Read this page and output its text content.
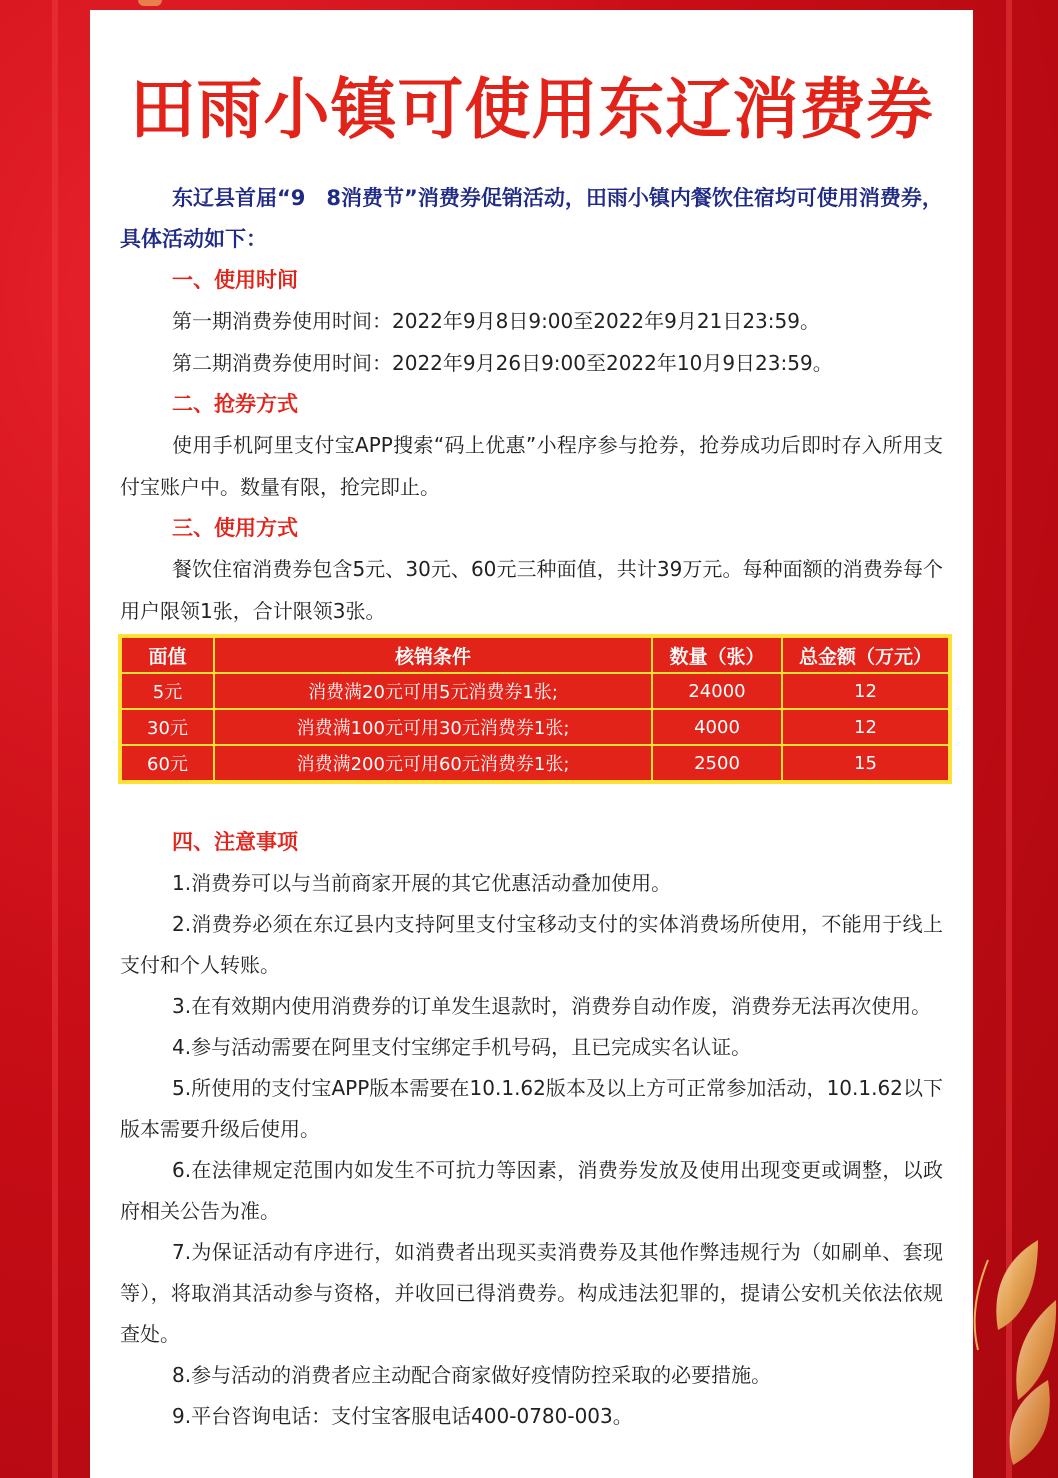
田雨小镇可使用东辽消费券

东辽县首届“9　8消费节”消费券促销活动，田雨小镇内餐饮住宿均可使用消费券，具体活动如下：

一、使用时间

第一期消费券使用时间：2022年9月8日9:00至2022年9月21日23:59。

第二期消费券使用时间：2022年9月26日9:00至2022年10月9日23:59。

二、抢券方式

使用手机阿里支付宝APP搜索“码上优惠”小程序参与抢券，抢券成功后即时存入所用支付宝账户中。数量有限，抢完即止。

三、使用方式

餐饮住宿消费券包含5元、30元、60元三种面值，共计39万元。每种面额的消费券每个用户限领1张，合计限领3张。

四、注意事项

1.消费券可以与当前商家开展的其它优惠活动叠加使用。

2.消费券必须在东辽县内支持阿里支付宝移动支付的实体消费场所使用，不能用于线上支付和个人转账。

3.在有效期内使用消费券的订单发生退款时，消费券自动作废，消费券无法再次使用。

4.参与活动需要在阿里支付宝绑定手机号码，且已完成实名认证。

5.所使用的支付宝APP版本需要在10.1.62版本及以上方可正常参加活动，10.1.62以下版本需要升级后使用。

6.在法律规定范围内如发生不可抗力等因素，消费券发放及使用出现变更或调整，以政府相关公告为准。

7.为保证活动有序进行，如消费者出现买卖消费券及其他作弊违规行为（如刷单、套现等），将取消其活动参与资格，并收回已得消费券。构成违法犯罪的，提请公安机关依法依规查处。

8.参与活动的消费者应主动配合商家做好疫情防控采取的必要措施。

9.平台咨询电话：支付宝客服电话400-0780-003。

面值	核销条件	数量（张）	总金额（万元）
5元	消费满20元可用5元消费券1张;	24000	12
30元	消费满100元可用30元消费券1张;	4000	12
60元	消费满200元可用60元消费券1张;	2500	15
